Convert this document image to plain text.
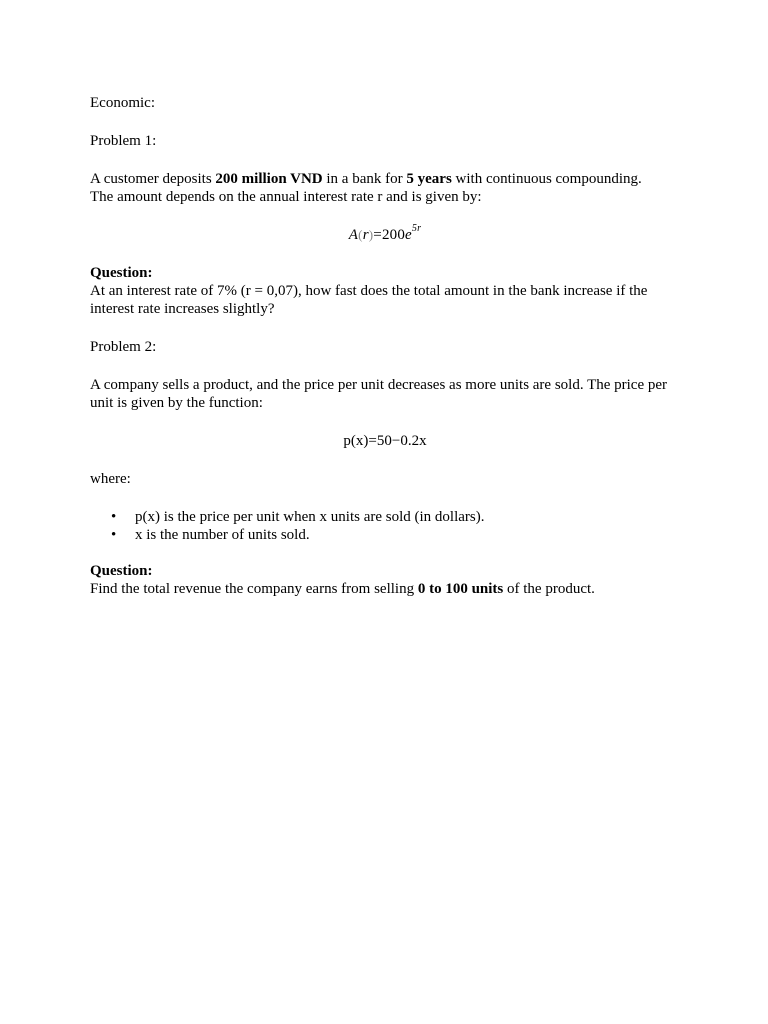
Economic:

Problem 1:

A customer deposits 200 million VND in a bank for 5 years with continuous compounding.
The amount depends on the annual interest rate r and is given by:

$A(r)=200e^{5r}$

Question:

At an interest rate of 7% (r = 0,07), how fast does the total amount in the bank increase if the interest rate increases slightly?

Problem 2:

A company sells a product, and the price per unit decreases as more units are sold. The price per unit is given by the function:

p(x)=50−0.2x

where:

• p(x) is the price per unit when x units are sold (in dollars).
• x is the number of units sold.

Question:

Find the total revenue the company earns from selling 0 to 100 units of the product.
